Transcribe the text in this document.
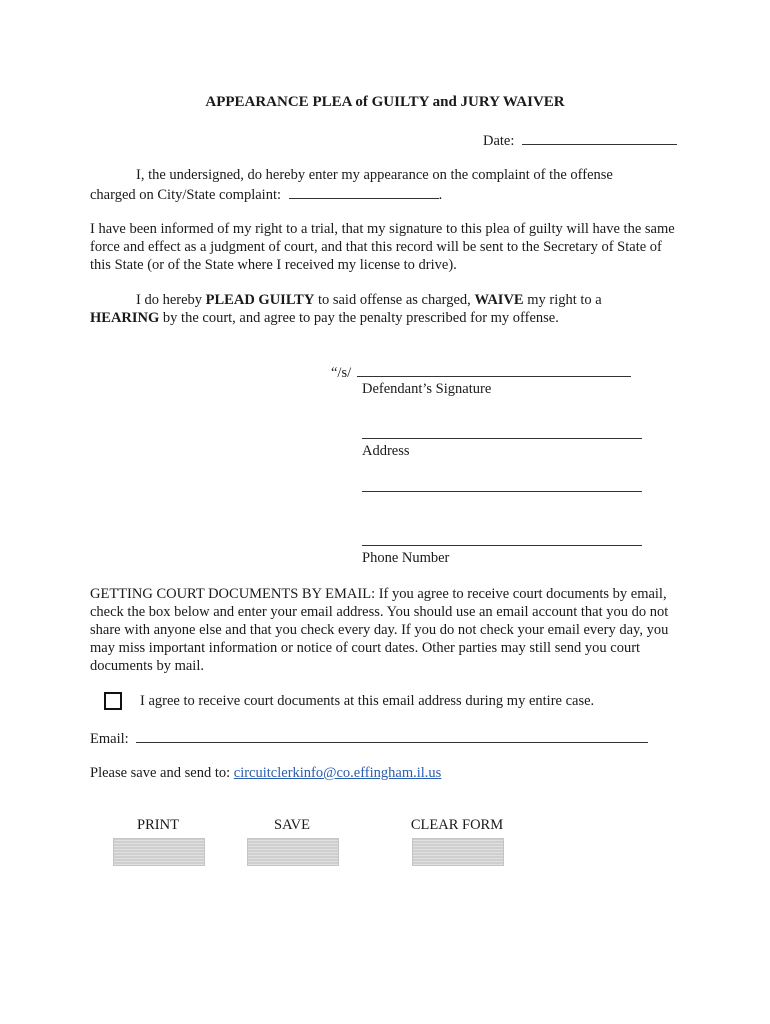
APPEARANCE PLEA of GUILTY and JURY WAIVER
Date:
I, the undersigned, do hereby enter my appearance on the complaint of the offense
charged on City/State complaint:	.
I have been informed of my right to a trial, that my signature to this plea of guilty will have the same force and effect as a judgment of court, and that this record will be sent to the Secretary of State of this State (or of the State where I received my license to drive).
I do hereby PLEAD GUILTY to said offense as charged, WAIVE my right to a
HEARING by the court, and agree to pay the penalty prescribed for my offense.
“/s/
Defendant’s Signature
Address
Phone Number
GETTING COURT DOCUMENTS BY EMAIL: If you agree to receive court documents by email, check the box below and enter your email address. You should use an email account that you do not share with anyone else and that you check every day. If you do not check your email every day, you may miss important information or notice of court dates. Other parties may still send you court documents by mail.
I agree to receive court documents at this email address during my entire case.
Email:
Please save and send to: circuitclerkinfo@co.effingham.il.us
PRINT	SAVE	CLEAR FORM
